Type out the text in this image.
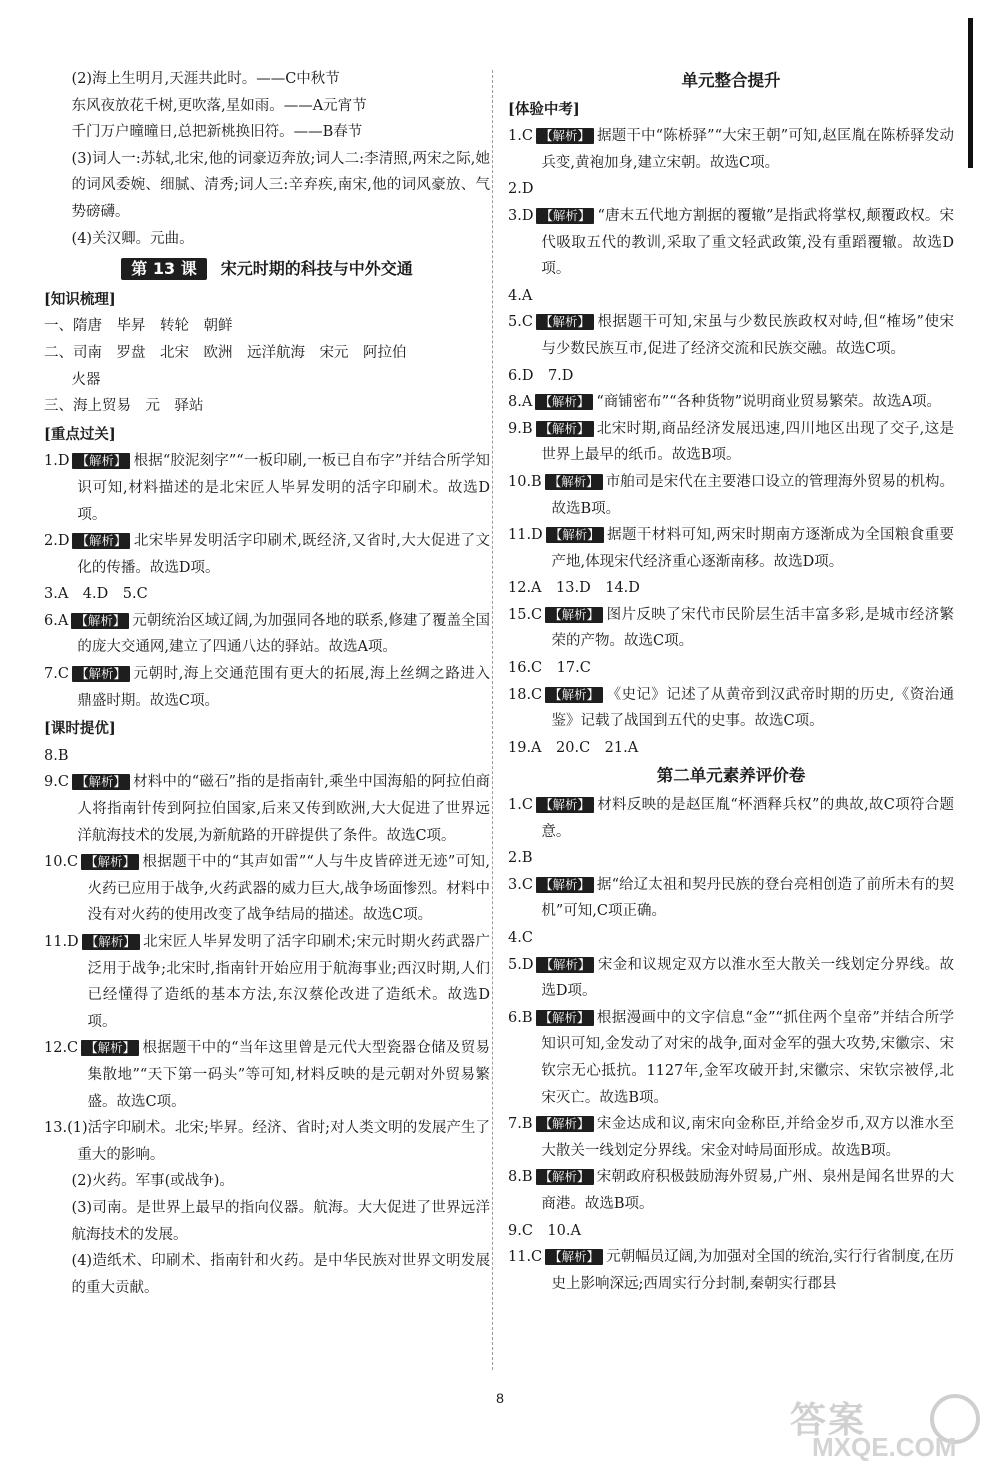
(2)海上生明月,天涯共此时。——C中秋节

东风夜放花千树,更吹落,星如雨。——A元宵节

千门万户曈曈日,总把新桃换旧符。——B春节

(3)词人一:苏轼,北宋,他的词豪迈奔放;词人二:李清照,两宋之际,她的词风委婉、细腻、清秀;词人三:辛弃疾,南宋,他的词风豪放、气势磅礴。

(4)关汉卿。元曲。

第 13 课	宋元时期的科技与中外交通

[知识梳理]

一、隋唐　毕昇　转轮　朝鲜

二、司南　罗盘　北宋　欧洲　远洋航海　宋元　阿拉伯

火器

三、海上贸易　元　驿站

[重点过关]

1.D 【解析】 根据“胶泥刻字”“一板印刷,一板已自布字”并结合所学知识可知,材料描述的是北宋匠人毕昇发明的活字印刷术。故选D项。

2.D 【解析】 北宋毕昇发明活字印刷术,既经济,又省时,大大促进了文化的传播。故选D项。

3.A　4.D　5.C

6.A 【解析】 元朝统治区域辽阔,为加强同各地的联系,修建了覆盖全国的庞大交通网,建立了四通八达的驿站。故选A项。

7.C 【解析】 元朝时,海上交通范围有更大的拓展,海上丝绸之路进入鼎盛时期。故选C项。

[课时提优]

8.B

9.C 【解析】 材料中的“磁石”指的是指南针,乘坐中国海船的阿拉伯商人将指南针传到阿拉伯国家,后来又传到欧洲,大大促进了世界远洋航海技术的发展,为新航路的开辟提供了条件。故选C项。

10.C 【解析】 根据题干中的“其声如雷”“人与牛皮皆碎迸无迹”可知,火药已应用于战争,火药武器的威力巨大,战争场面惨烈。材料中没有对火药的使用改变了战争结局的描述。故选C项。

11.D 【解析】 北宋匠人毕昇发明了活字印刷术;宋元时期火药武器广泛用于战争;北宋时,指南针开始应用于航海事业;西汉时期,人们已经懂得了造纸的基本方法,东汉蔡伦改进了造纸术。故选D项。

12.C 【解析】 根据题干中的“当年这里曾是元代大型瓷器仓储及贸易集散地”“天下第一码头”等可知,材料反映的是元朝对外贸易繁盛。故选C项。

13.(1)活字印刷术。北宋;毕昇。经济、省时;对人类文明的发展产生了重大的影响。

(2)火药。军事(或战争)。

(3)司南。是世界上最早的指向仪器。航海。大大促进了世界远洋航海技术的发展。

(4)造纸术、印刷术、指南针和火药。是中华民族对世界文明发展的重大贡献。

单元整合提升

[体验中考]

1.C 【解析】 据题干中“陈桥驿”“大宋王朝”可知,赵匡胤在陈桥驿发动兵变,黄袍加身,建立宋朝。故选C项。

2.D

3.D 【解析】 “唐末五代地方割据的覆辙”是指武将掌权,颠覆政权。宋代吸取五代的教训,采取了重文轻武政策,没有重蹈覆辙。故选D项。

4.A

5.C 【解析】 根据题干可知,宋虽与少数民族政权对峙,但“榷场”使宋与少数民族互市,促进了经济交流和民族交融。故选C项。

6.D　7.D

8.A 【解析】 “商铺密布”“各种货物”说明商业贸易繁荣。故选A项。

9.B 【解析】 北宋时期,商品经济发展迅速,四川地区出现了交子,这是世界上最早的纸币。故选B项。

10.B 【解析】 市舶司是宋代在主要港口设立的管理海外贸易的机构。故选B项。

11.D 【解析】 据题干材料可知,两宋时期南方逐渐成为全国粮食重要产地,体现宋代经济重心逐渐南移。故选D项。

12.A　13.D　14.D

15.C 【解析】 图片反映了宋代市民阶层生活丰富多彩,是城市经济繁荣的产物。故选C项。

16.C　17.C

18.C 【解析】 《史记》记述了从黄帝到汉武帝时期的历史,《资治通鉴》记载了战国到五代的史事。故选C项。

19.A　20.C　21.A

第二单元素养评价卷

1.C 【解析】 材料反映的是赵匡胤“杯酒释兵权”的典故,故C项符合题意。

2.B

3.C 【解析】 据“给辽太祖和契丹民族的登台亮相创造了前所未有的契机”可知,C项正确。

4.C

5.D 【解析】 宋金和议规定双方以淮水至大散关一线划定分界线。故选D项。

6.B 【解析】 根据漫画中的文字信息“金”“抓住两个皇帝”并结合所学知识可知,金发动了对宋的战争,面对金军的强大攻势,宋徽宗、宋钦宗无心抵抗。1127年,金军攻破开封,宋徽宗、宋钦宗被俘,北宋灭亡。故选B项。

7.B 【解析】 宋金达成和议,南宋向金称臣,并给金岁币,双方以淮水至大散关一线划定分界线。宋金对峙局面形成。故选B项。

8.B 【解析】 宋朝政府积极鼓励海外贸易,广州、泉州是闻名世界的大商港。故选B项。

9.C　10.A

11.C 【解析】 元朝幅员辽阔,为加强对全国的统治,实行行省制度,在历史上影响深远;西周实行分封制,秦朝实行郡县

8
答案
MXQE.COM
